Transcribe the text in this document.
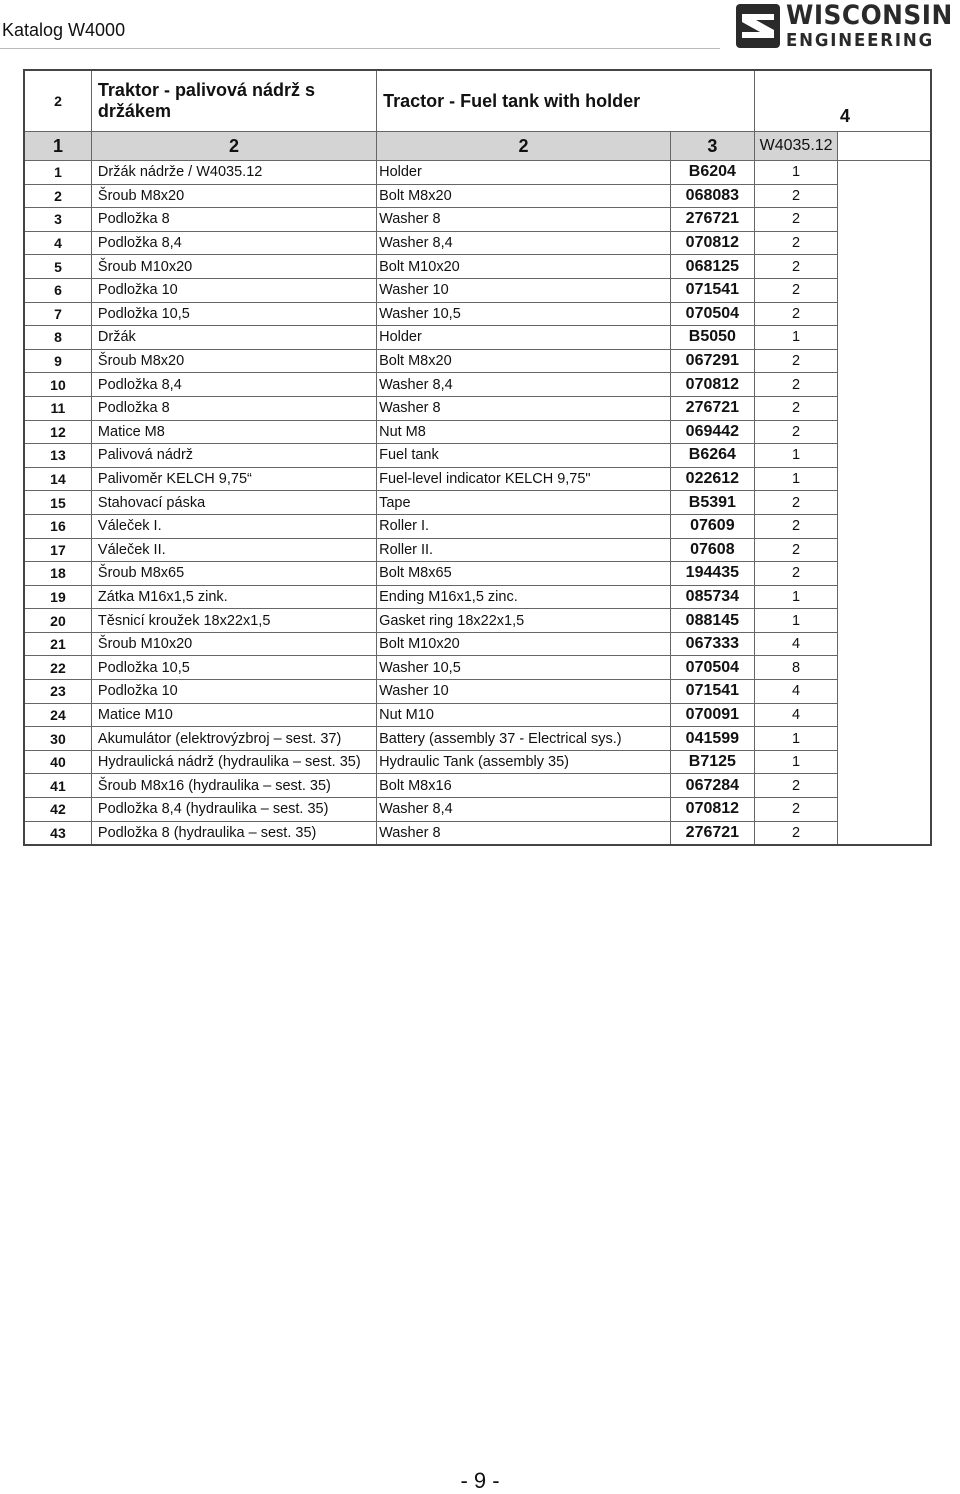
Katalog W4000	WISCONSIN
ENGINEERING
2	Traktor - palivová nádrž s držákem	Tractor - Fuel tank with holder		4	
1	2	2	3	W4035.12	
1	Držák nádrže / W4035.12	Holder	B6204	1	
2	Šroub M8x20	Bolt M8x20	068083	2	
3	Podložka 8	Washer 8	276721	2	
4	Podložka 8,4	Washer 8,4	070812	2	
5	Šroub M10x20	Bolt M10x20	068125	2	
6	Podložka 10	Washer 10	071541	2	
7	Podložka 10,5	Washer 10,5	070504	2	
8	Držák	Holder	B5050	1	
9	Šroub M8x20	Bolt M8x20	067291	2	
10	Podložka 8,4	Washer 8,4	070812	2	
11	Podložka 8	Washer 8	276721	2	
12	Matice M8	Nut M8	069442	2	
13	Palivová nádrž	Fuel tank	B6264	1	
14	Palivoměr KELCH 9,75“	Fuel-level indicator KELCH 9,75"	022612	1	
15	Stahovací páska	Tape	B5391	2	
16	Váleček I.	Roller I.	07609	2	
17	Váleček II.	Roller II.	07608	2	
18	Šroub M8x65	Bolt M8x65	194435	2	
19	Zátka M16x1,5 zink.	Ending M16x1,5 zinc.	085734	1	
20	Těsnicí kroužek 18x22x1,5	Gasket ring 18x22x1,5	088145	1	
21	Šroub M10x20	Bolt M10x20	067333	4	
22	Podložka 10,5	Washer 10,5	070504	8	
23	Podložka 10	Washer 10	071541	4	
24	Matice M10	Nut M10	070091	4	
30	Akumulátor (elektrovýzbroj – sest. 37)	Battery (assembly 37 - Electrical sys.)	041599	1	
40	Hydraulická nádrž (hydraulika – sest. 35)	Hydraulic Tank (assembly 35)	B7125	1	
41	Šroub M8x16 (hydraulika – sest. 35)	Bolt M8x16	067284	2	
42	Podložka 8,4 (hydraulika – sest. 35)	Washer 8,4	070812	2	
43	Podložka 8 (hydraulika – sest. 35)	Washer 8	276721	2	
- 9 -
